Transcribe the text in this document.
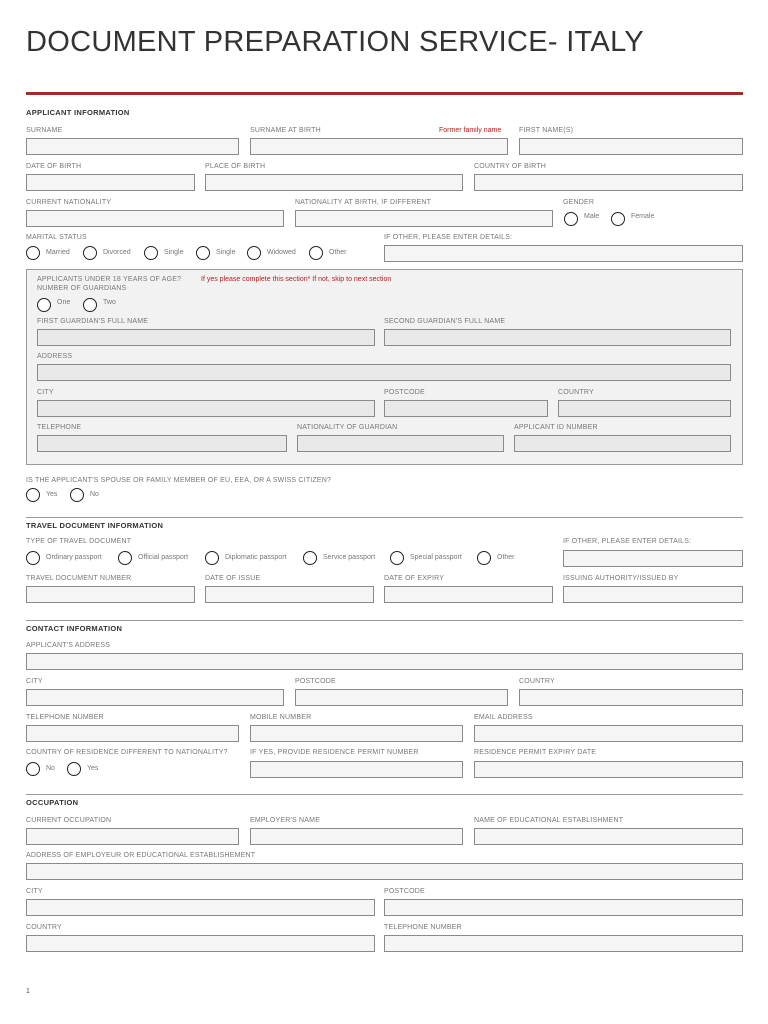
DOCUMENT PREPARATION SERVICE- ITALY
APPLICANT INFORMATION
SURNAME	SURNAME AT BIRTH	Former family name	FIRST NAME(S)
DATE OF BIRTH	PLACE OF BIRTH	COUNTRY OF BIRTH
CURRENT NATIONALITY	NATIONALITY AT BIRTH, IF DIFFERENT	GENDER
Male	Female
MARITAL STATUS	IF OTHER, PLEASE ENTER DETAILS:
Married	Divorced	Single	Single	Widowed	Other
APPLICANTS UNDER 18 YEARS OF AGE?	If yes please complete this section* If not, skip to next section
NUMBER OF GUARDIANS
One	Two
FIRST GUARDIAN'S FULL NAME	SECOND GUARDIAN'S FULL NAME
ADDRESS
CITY	POSTCODE	COUNTRY
TELEPHONE	NATIONALITY OF GUARDIAN	APPLICANT ID NUMBER
IS THE APPLICANT'S SPOUSE OR FAMILY MEMBER OF EU, EEA, OR A SWISS CITIZEN?
Yes	No
TRAVEL DOCUMENT INFORMATION
TYPE OF TRAVEL DOCUMENT	IF OTHER, PLEASE ENTER DETAILS:
Ordinary passport	Official passport	Diplomatic passport	Service passport	Special passport	Other
TRAVEL DOCUMENT NUMBER	DATE OF ISSUE	DATE OF EXPIRY	ISSUING AUTHORITY/ISSUED BY
CONTACT INFORMATION
APPLICANT'S ADDRESS
CITY	POSTCODE	COUNTRY
TELEPHONE NUMBER	MOBILE NUMBER	EMAIL ADDRESS
COUNTRY OF RESIDENCE DIFFERENT TO NATIONALITY?	IF YES, PROVIDE RESIDENCE PERMIT NUMBER	RESIDENCE PERMIT EXPIRY DATE
No	Yes
OCCUPATION
CURRENT OCCUPATION	EMPLOYER'S NAME	NAME OF EDUCATIONAL ESTABLISHMENT
ADDRESS OF EMPLOYEUR OR EDUCATIONAL ESTABLISHEMENT
CITY	POSTCODE
COUNTRY	TELEPHONE NUMBER
1
